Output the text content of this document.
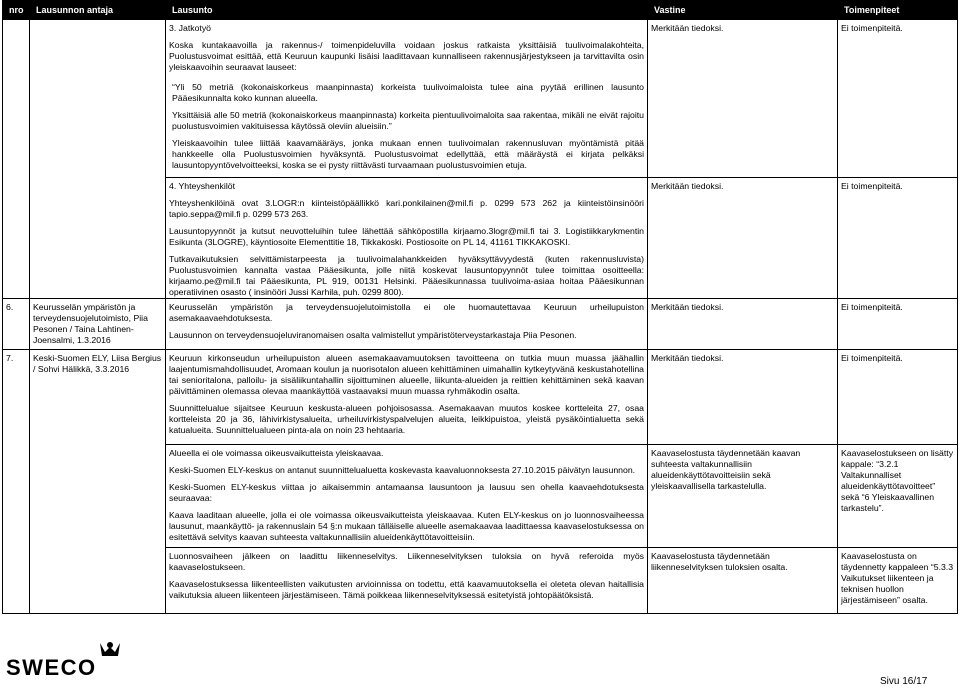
nro	Lausunnon antaja	Lausunto	Vastine	Toimenpiteet

		3. Jatkotyö

Koska kuntakaavoilla ja rakennus-/ toimenpideluvilla voidaan joskus ratkaista yksittäisiä tuulivoimalakohteita, Puolustusvoimat esittää, että Keuruun kaupunki lisäisi laadittavaan kunnalliseen rakennusjärjestykseen ja tarvittavilta osin yleiskaavoihin seuraavat lauseet:

“Yli 50 metriä (kokonaiskorkeus maanpinnasta) korkeista tuulivoimaloista tulee aina pyytää erillinen lausunto Pääesikunnalta koko kunnan alueella.

Yksittäisiä alle 50 metriä (kokonaiskorkeus maanpinnasta) korkeita pientuulivoimaloita saa rakentaa, mikäli ne eivät rajoitu puolustusvoimien vakituisessa käytössä oleviin alueisiin.”

Yleiskaavoihin tulee liittää kaavamääräys, jonka mukaan ennen tuulivoimalan rakennusluvan myöntämistä pitää hankkeelle olla Puolustusvoimien hyväksyntä. Puolustusvoimat edellyttää, että määräystä ei kirjata pelkäksi lausuntopyyntövelvoitteeksi, koska se ei pysty riittävästi turvaamaan puolustusvoimien etuja.	Merkitään tiedoksi.	Ei toimenpiteitä.

		4. Yhteyshenkilöt

Yhteyshenkilöinä ovat 3.LOGR:n kiinteistöpäällikkö kari.ponkilainen@mil.fi p. 0299 573 262 ja kiinteistöinsinööri tapio.seppa@mil.fi p. 0299 573 263.

Lausuntopyynnöt ja kutsut neuvotteluihin tulee lähettää sähköpostilla kirjaamo.3logr@mil.fi tai 3. Logistiikkarykmentin Esikunta (3LOGRE), käyntiosoite Elementtitie 18, Tikkakoski. Postiosoite on PL 14, 41161 TIKKAKOSKI.

Tutkavaikutuksien selvittämistarpeesta ja tuulivoimalahankkeiden hyväksyttävyydestä (kuten rakennusluvista) Puolustusvoimien kannalta vastaa Pääesikunta, jolle niitä koskevat lausuntopyynnöt tulee toimittaa osoitteella: kirjaamo.pe@mil.fi tai Pääesikunta, PL 919, 00131 Helsinki. Pääesikunnassa tuulivoima-asiaa hoitaa Pääesikunnan operatiivinen osasto ( insinööri Jussi Karhila, puh. 0299 800).	Merkitään tiedoksi.	Ei toimenpiteitä.

6.	Keurusselän ympäristön ja terveydensuojelutoimisto, Piia Pesonen / Taina Lahtinen-Joensalmi, 1.3.2016	Keurusselän ympäristön ja terveydensuojelutoimistolla ei ole huomautettavaa Keuruun urheilupuiston asemakaavaehdotuksesta.

Lausunnon on terveydensuojeluviranomaisen osalta valmistellut ympäristöterveystarkastaja Piia Pesonen.	Merkitään tiedoksi.	Ei toimenpiteitä.

7.	Keski-Suomen ELY, Liisa Bergius / Sohvi Hälikkä, 3.3.2016	Keuruun kirkonseudun urheilupuiston alueen asemakaavamuutoksen tavoitteena on tutkia muun muassa jäähallin laajentumismahdollisuudet, Aromaan koulun ja nuorisotalon alueen kehittäminen uimahallin kytkeytyvänä keskustahotellina tai senioritalona, palloilu- ja sisäliikuntahallin sijoittuminen alueelle, liikunta-alueiden ja reittien kehittäminen sekä kaavan päivittäminen olemassa olevaa maankäyttöä vastaavaksi muun muassa ryhmäkodin osalta.

Suunnittelualue sijaitsee Keuruun keskusta-alueen pohjoisosassa. Asemakaavan muutos koskee kortteleita 27, osaa kortteleista 20 ja 36, lähivirkistysalueita, urheiluvirkistyspalvelujen alueita, leikkipuistoa, yleistä pysäköintialuetta sekä katualueita. Suunnittelualueen pinta-ala on noin 23 hehtaaria.	Merkitään tiedoksi.	Ei toimenpiteitä.

		Alueella ei ole voimassa oikeusvaikutteista yleiskaavaa.

Keski-Suomen ELY-keskus on antanut suunnittelualuetta koskevasta kaavaluonnoksesta 27.10.2015 päivätyn lausunnon.

Keski-Suomen ELY-keskus viittaa jo aikaisemmin antamaansa lausuntoon ja lausuu sen ohella kaavaehdotuksesta seuraavaa:

Kaava laaditaan alueelle, jolla ei ole voimassa oikeusvaikutteista yleiskaavaa. Kuten ELY-keskus on jo luonnosvaiheessa lausunut, maankäyttö- ja rakennuslain 54 §:n mukaan tälläiselle alueelle asemakaavaa laadittaessa kaavaselostuksessa on esitettävä selvitys kaavan suhteesta valtakunnallisiin alueidenkäyttötavoitteisiin.	Kaavaselostusta täydennetään kaavan suhteesta valtakunnallisiin alueidenkäyttötavoitteisiin sekä yleiskaavallisella tarkastelulla.	Kaavaselostukseen on lisätty kappale: “3.2.1 Valtakunnalliset alueidenkäyttötavoitteet” sekä “6 Yleiskaavallinen tarkastelu”.

		Luonnosvaiheen jälkeen on laadittu liikenneselvitys. Liikenneselvityksen tuloksia on hyvä referoida myös kaavaselostukseen.

Kaavaselostuksessa liikenteellisten vaikutusten arvioinnissa on todettu, että kaavamuutoksella ei oleteta olevan haitallisia vaikutuksia alueen liikenteen järjestämiseen. Tämä poikkeaa liikenneselvityksessä esitetyistä johtopäätöksistä.	Kaavaselostusta täydennetään liikenneselvityksen tuloksien osalta.	Kaavaselostusta on täydennetty kappaleen “5.3.3 Vaikutukset liikenteen ja teknisen huollon järjestämiseen” osalta.
SWECO
Sivu 16/17
